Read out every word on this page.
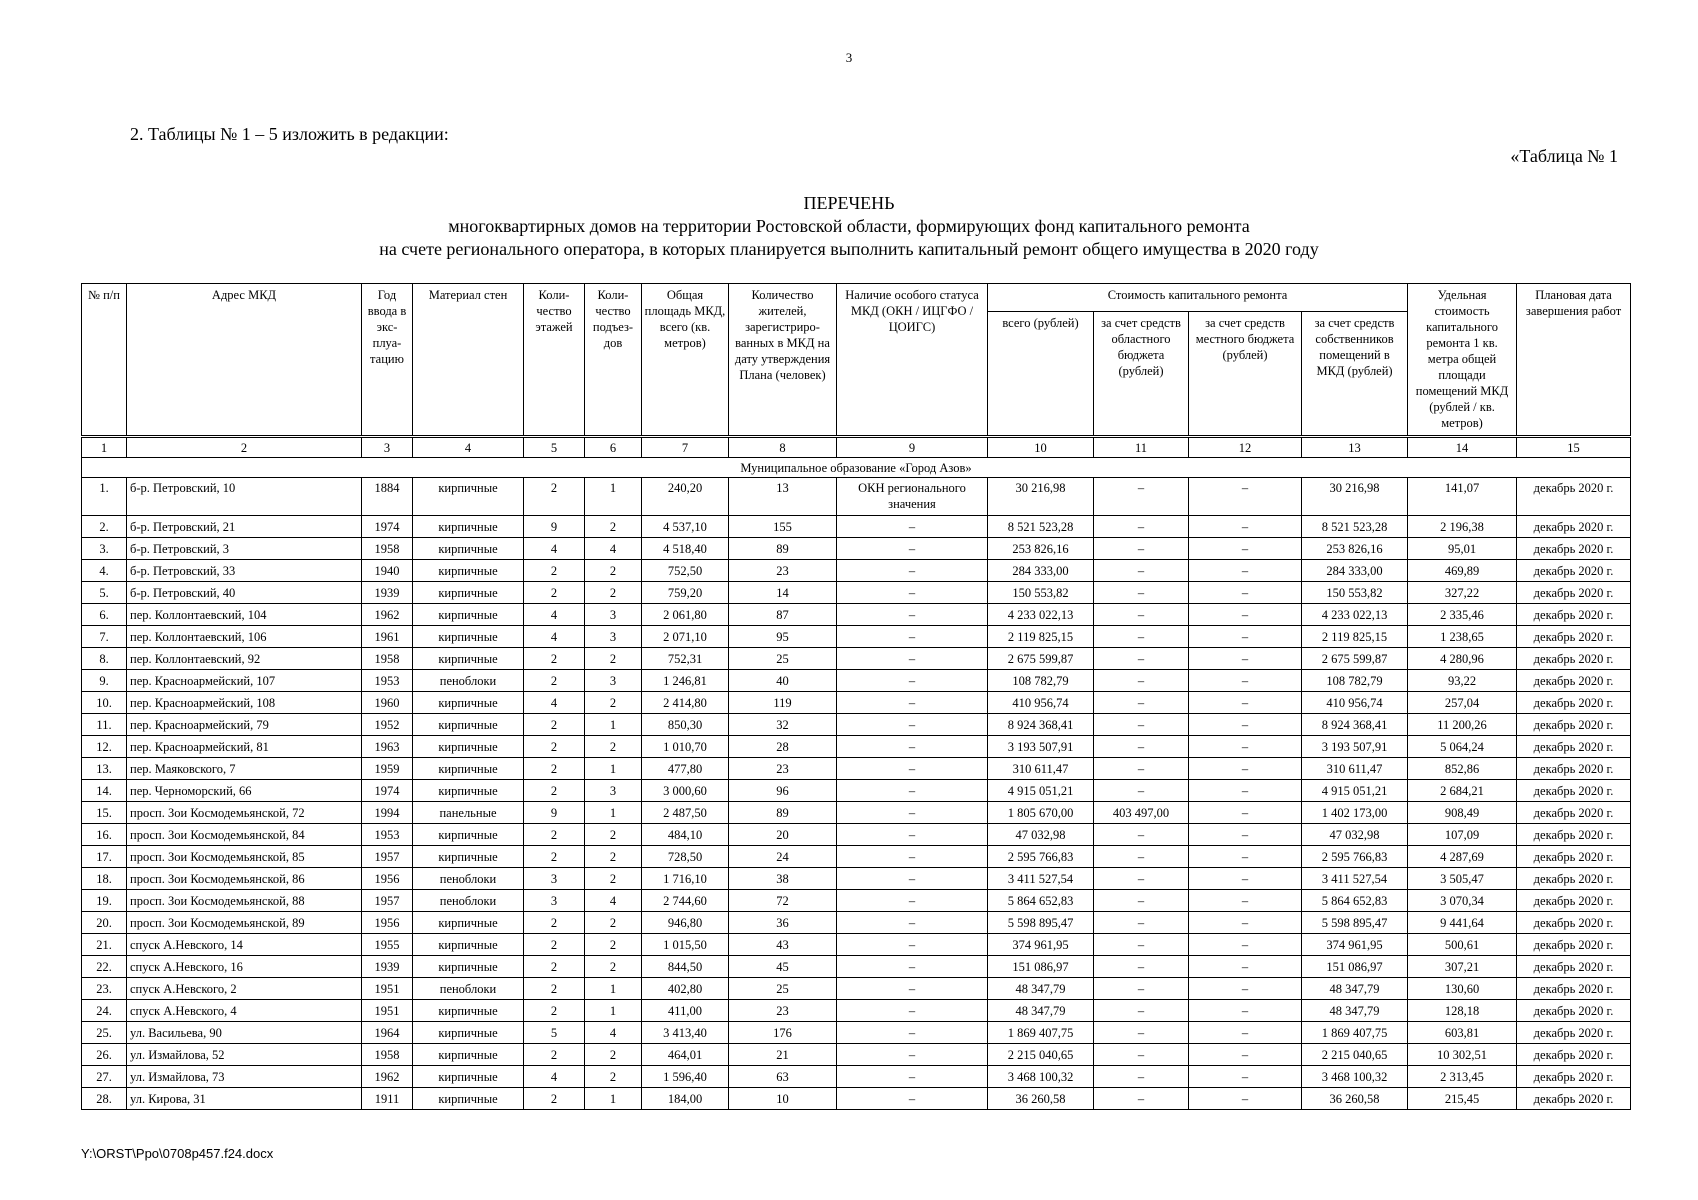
3
2. Таблицы № 1 – 5 изложить в редакции:
«Таблица № 1
ПЕРЕЧЕНЬ
многоквартирных домов на территории Ростовской области, формирующих фонд капитального ремонта
на счете регионального оператора, в которых планируется выполнить капитальный ремонт общего имущества в 2020 году
№ п/п	Адрес МКД	Год ввода в экс-плуа-тацию	Материал стен	Коли-чество этажей	Коли-чество подъез-дов	Общая площадь МКД, всего (кв. метров)	Количество жителей, зарегистриро-ванных в МКД на дату утверждения Плана (человек)	Наличие особого статуса МКД (ОКН / ИЦГФО / ЦОИГС)	Стоимость капитального ремонта				Удельная стоимость капитального ремонта 1 кв. метра общей площади помещений МКД (рублей / кв. метров)	Плановая дата завершения работ
									всего (рублей)	за счет средств областного бюджета (рублей)	за счет средств местного бюджета (рублей)	за счет средств собственников помещений в МКД (рублей)		
1	2	3	4	5	6	7	8	9	10	11	12	13	14	15
Муниципальное образование «Город Азов»														
1.	б-р. Петровский, 10	1884	кирпичные	2	1	240,20	13	ОКН регионального значения	30 216,98	–	–	30 216,98	141,07	декабрь 2020 г.
2.	б-р. Петровский, 21	1974	кирпичные	9	2	4 537,10	155	–	8 521 523,28	–	–	8 521 523,28	2 196,38	декабрь 2020 г.
3.	б-р. Петровский, 3	1958	кирпичные	4	4	4 518,40	89	–	253 826,16	–	–	253 826,16	95,01	декабрь 2020 г.
4.	б-р. Петровский, 33	1940	кирпичные	2	2	752,50	23	–	284 333,00	–	–	284 333,00	469,89	декабрь 2020 г.
5.	б-р. Петровский, 40	1939	кирпичные	2	2	759,20	14	–	150 553,82	–	–	150 553,82	327,22	декабрь 2020 г.
6.	пер. Коллонтаевский, 104	1962	кирпичные	4	3	2 061,80	87	–	4 233 022,13	–	–	4 233 022,13	2 335,46	декабрь 2020 г.
7.	пер. Коллонтаевский, 106	1961	кирпичные	4	3	2 071,10	95	–	2 119 825,15	–	–	2 119 825,15	1 238,65	декабрь 2020 г.
8.	пер. Коллонтаевский, 92	1958	кирпичные	2	2	752,31	25	–	2 675 599,87	–	–	2 675 599,87	4 280,96	декабрь 2020 г.
9.	пер. Красноармейский, 107	1953	пеноблоки	2	3	1 246,81	40	–	108 782,79	–	–	108 782,79	93,22	декабрь 2020 г.
10.	пер. Красноармейский, 108	1960	кирпичные	4	2	2 414,80	119	–	410 956,74	–	–	410 956,74	257,04	декабрь 2020 г.
11.	пер. Красноармейский, 79	1952	кирпичные	2	1	850,30	32	–	8 924 368,41	–	–	8 924 368,41	11 200,26	декабрь 2020 г.
12.	пер. Красноармейский, 81	1963	кирпичные	2	2	1 010,70	28	–	3 193 507,91	–	–	3 193 507,91	5 064,24	декабрь 2020 г.
13.	пер. Маяковского, 7	1959	кирпичные	2	1	477,80	23	–	310 611,47	–	–	310 611,47	852,86	декабрь 2020 г.
14.	пер. Черноморский, 66	1974	кирпичные	2	3	3 000,60	96	–	4 915 051,21	–	–	4 915 051,21	2 684,21	декабрь 2020 г.
15.	просп. Зои Космодемьянской, 72	1994	панельные	9	1	2 487,50	89	–	1 805 670,00	403 497,00	–	1 402 173,00	908,49	декабрь 2020 г.
16.	просп. Зои Космодемьянской, 84	1953	кирпичные	2	2	484,10	20	–	47 032,98	–	–	47 032,98	107,09	декабрь 2020 г.
17.	просп. Зои Космодемьянской, 85	1957	кирпичные	2	2	728,50	24	–	2 595 766,83	–	–	2 595 766,83	4 287,69	декабрь 2020 г.
18.	просп. Зои Космодемьянской, 86	1956	пеноблоки	3	2	1 716,10	38	–	3 411 527,54	–	–	3 411 527,54	3 505,47	декабрь 2020 г.
19.	просп. Зои Космодемьянской, 88	1957	пеноблоки	3	4	2 744,60	72	–	5 864 652,83	–	–	5 864 652,83	3 070,34	декабрь 2020 г.
20.	просп. Зои Космодемьянской, 89	1956	кирпичные	2	2	946,80	36	–	5 598 895,47	–	–	5 598 895,47	9 441,64	декабрь 2020 г.
21.	спуск А.Невского, 14	1955	кирпичные	2	2	1 015,50	43	–	374 961,95	–	–	374 961,95	500,61	декабрь 2020 г.
22.	спуск А.Невского, 16	1939	кирпичные	2	2	844,50	45	–	151 086,97	–	–	151 086,97	307,21	декабрь 2020 г.
23.	спуск А.Невского, 2	1951	пеноблоки	2	1	402,80	25	–	48 347,79	–	–	48 347,79	130,60	декабрь 2020 г.
24.	спуск А.Невского, 4	1951	кирпичные	2	1	411,00	23	–	48 347,79	–	–	48 347,79	128,18	декабрь 2020 г.
25.	ул. Васильева, 90	1964	кирпичные	5	4	3 413,40	176	–	1 869 407,75	–	–	1 869 407,75	603,81	декабрь 2020 г.
26.	ул. Измайлова, 52	1958	кирпичные	2	2	464,01	21	–	2 215 040,65	–	–	2 215 040,65	10 302,51	декабрь 2020 г.
27.	ул. Измайлова, 73	1962	кирпичные	4	2	1 596,40	63	–	3 468 100,32	–	–	3 468 100,32	2 313,45	декабрь 2020 г.
28.	ул. Кирова, 31	1911	кирпичные	2	1	184,00	10	–	36 260,58	–	–	36 260,58	215,45	декабрь 2020 г.
Y:\ORST\Ppo\0708p457.f24.docx
